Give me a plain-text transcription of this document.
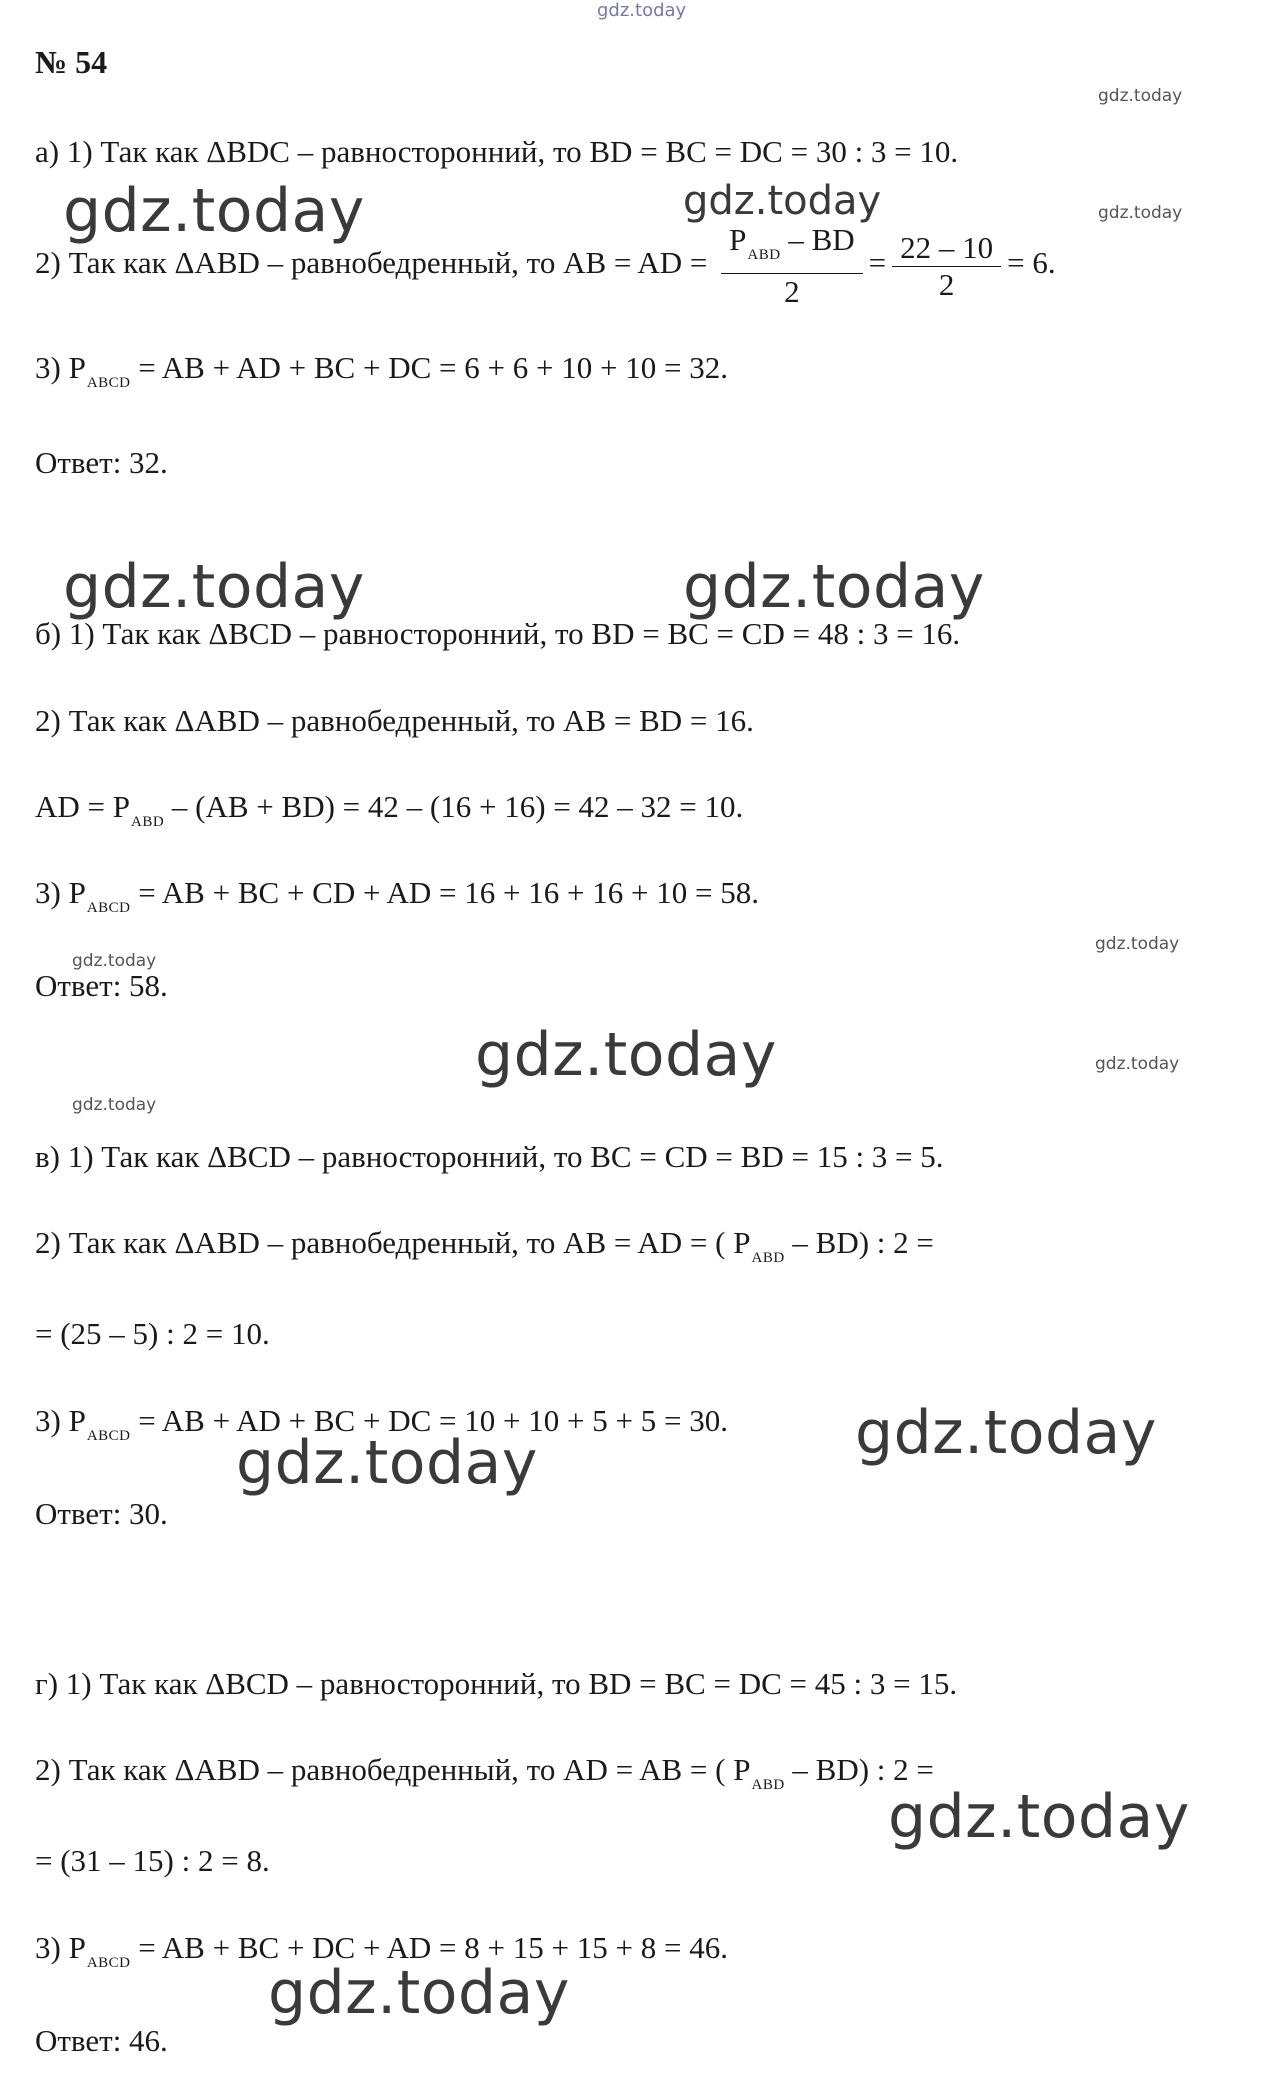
gdz.today
gdz.today
gdz.today	gdz.today	gdz.today
gdz.today	gdz.today
gdz.today
gdz.today
gdz.today	gdz.today
gdz.today
gdz.today
gdz.today
gdz.today
gdz.today
№ 54
а) 1) Так как ΔBDC – равносторонний, то BD = BC = DC = 30 : 3 = 10.
2) Так как ΔABD – равнобедренный, то AB = AD = $\frac{P_{ABD} - BD}{2} = \frac{22 - 10}{2} = 6$.
3) $P_{ABCD}$ = AB + AD + BC + DC = 6 + 6 + 10 + 10 = 32.
Ответ: 32.
б) 1) Так как ΔBCD – равносторонний, то BD = BC = CD = 48 : 3 = 16.
2) Так как ΔABD – равнобедренный, то AB = BD = 16.
AD = $P_{ABD} - (AB + BD) = 42 - (16 + 16) = 42 - 32 = 10$.
3) $P_{ABCD}$ = AB + BC + CD + AD = 16 + 16 + 16 + 10 = 58.
Ответ: 58.
в) 1) Так как ΔBCD – равносторонний, то BC = CD = BD = 15 : 3 = 5.
2) Так как ΔABD – равнобедренный, то AB = AD = ( $P_{ABD} - BD$) : 2 =
= (25 – 5) : 2 = 10.
3) $P_{ABCD}$ = AB + AD + BC + DC = 10 + 10 + 5 + 5 = 30.
Ответ: 30.
г) 1) Так как ΔBCD – равносторонний, то BD = BC = DC = 45 : 3 = 15.
2) Так как ΔABD – равнобедренный, то AD = AB = ( $P_{ABD} - BD$) : 2 =
= (31 – 15) : 2 = 8.
3) $P_{ABCD}$ = AB + BC + DC + AD = 8 + 15 + 15 + 8 = 46.
Ответ: 46.
